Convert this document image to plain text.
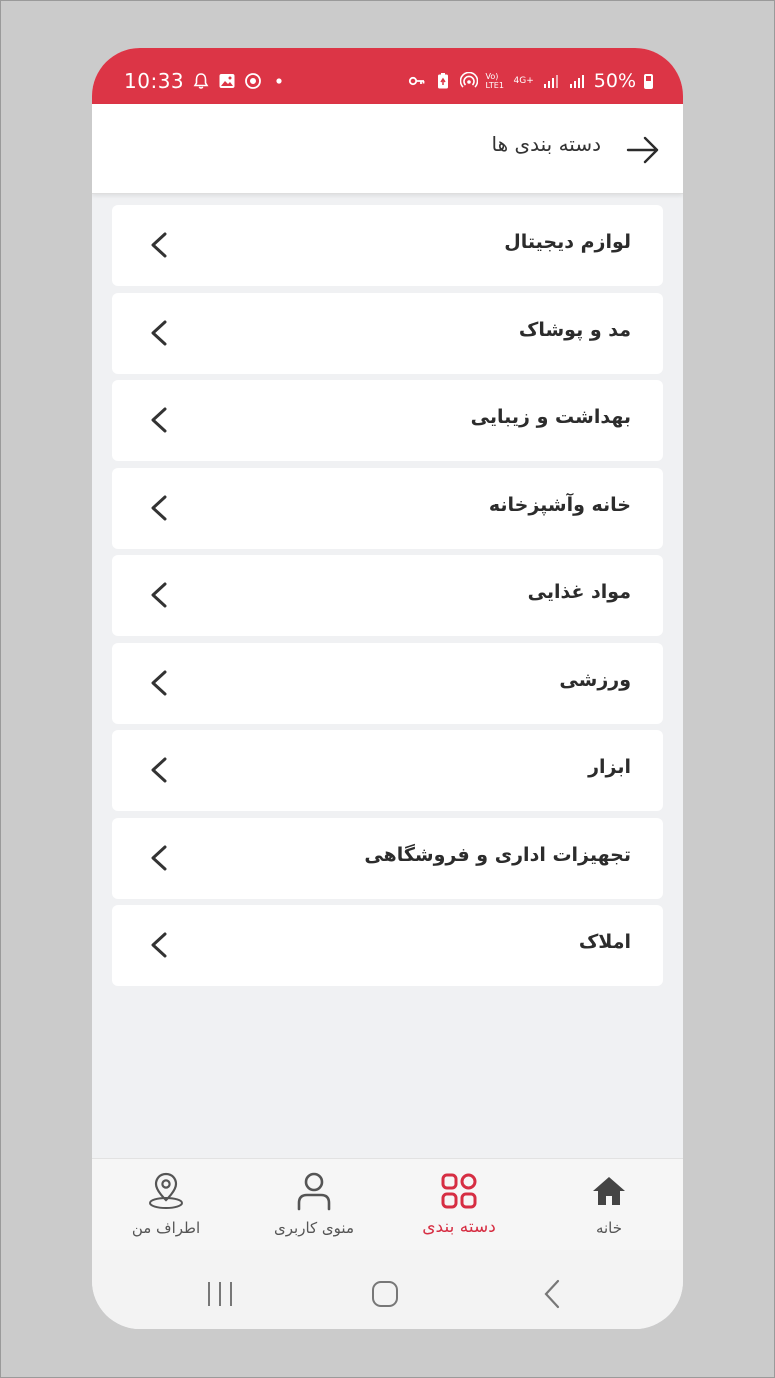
10:33	Vo) LTE1 4G+	50%
دسته بندی ها
لوازم دیجیتال
مد و پوشاک
بهداشت و زیبایی
خانه وآشپزخانه
مواد غذایی
ورزشی
ابزار
تجهیزات اداری و فروشگاهی
املاک
خانه
دسته بندی
منوی کاربری
اطراف من
